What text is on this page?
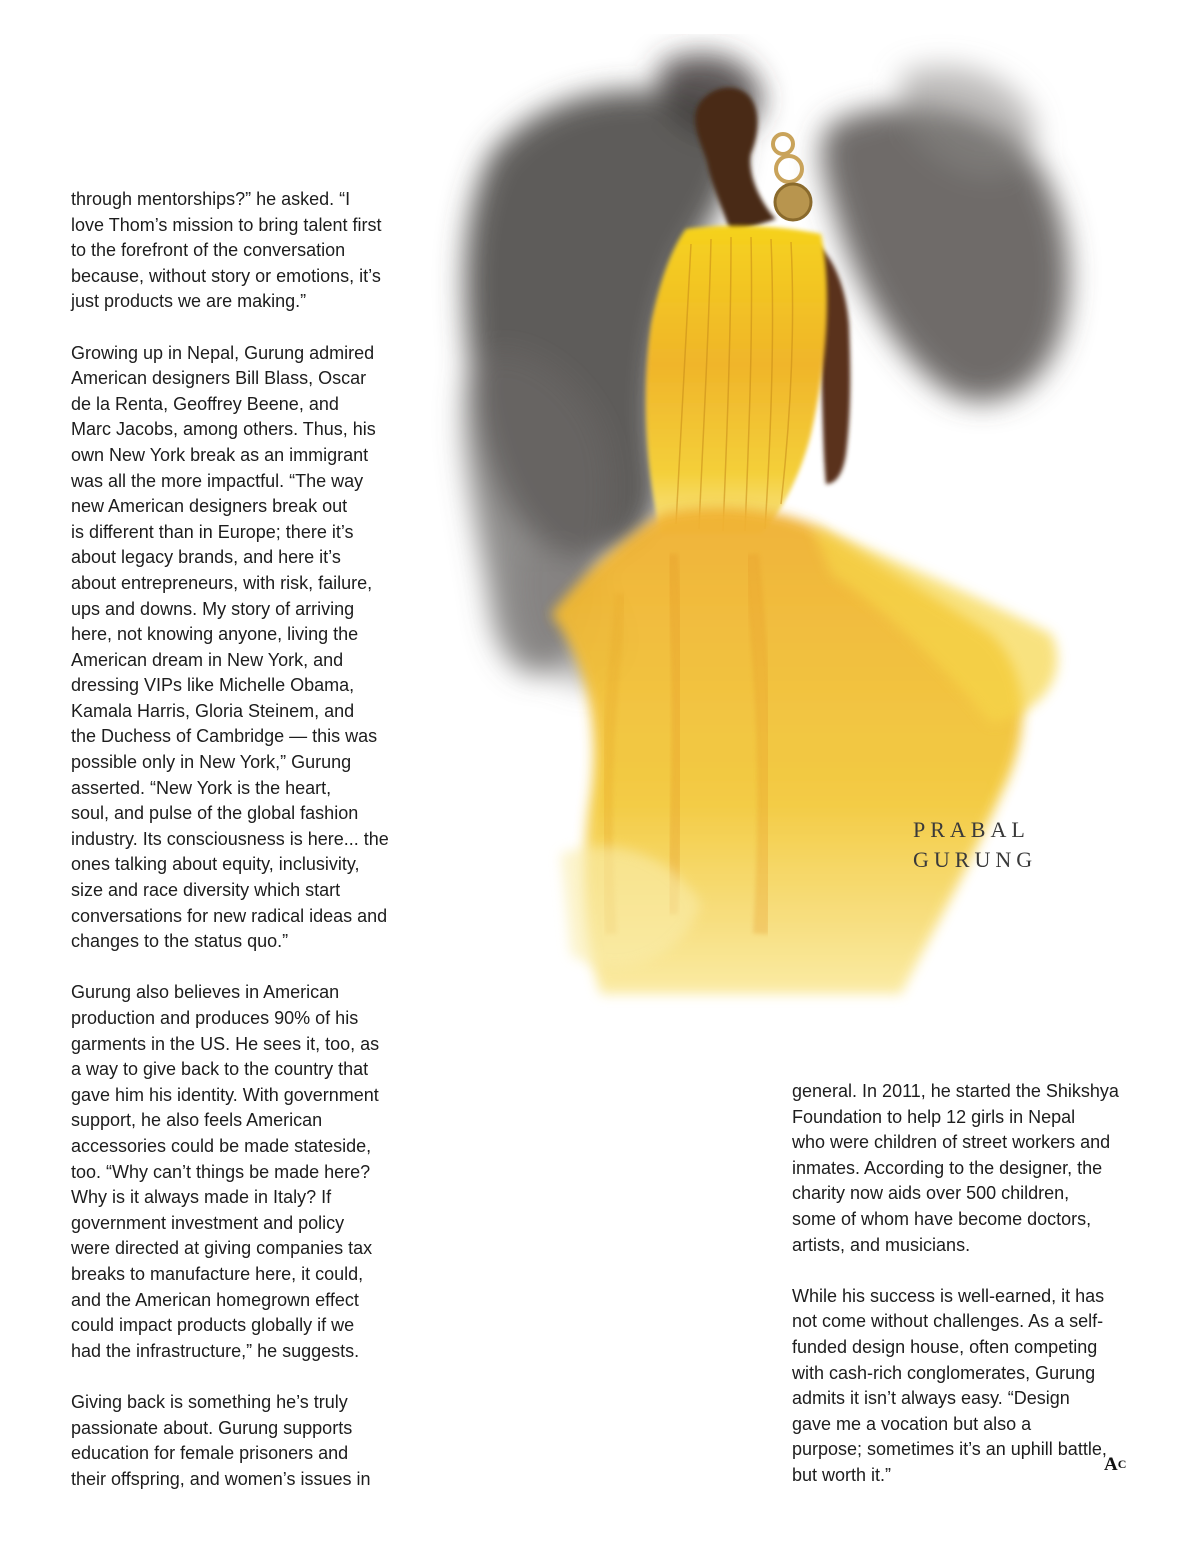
through mentorships?” he asked. “I
love Thom’s mission to bring talent first
to the forefront of the conversation
because, without story or emotions, it’s
just products we are making.”
Growing up in Nepal, Gurung admired
American designers Bill Blass, Oscar
de la Renta, Geoffrey Beene, and
Marc Jacobs, among others. Thus, his
own New York break as an immigrant
was all the more impactful. “The way
new American designers break out
is different than in Europe; there it’s
about legacy brands, and here it’s
about entrepreneurs, with risk, failure,
ups and downs. My story of arriving
here, not knowing anyone, living the
American dream in New York, and
dressing VIPs like Michelle Obama,
Kamala Harris, Gloria Steinem, and
the Duchess of Cambridge — this was
possible only in New York,” Gurung
asserted. “New York is the heart,
soul, and pulse of the global fashion
industry. Its consciousness is here... the
ones talking about equity, inclusivity,
size and race diversity which start
conversations for new radical ideas and
changes to the status quo.”
Gurung also believes in American
production and produces 90% of his
garments in the US. He sees it, too, as
a way to give back to the country that
gave him his identity. With government
support, he also feels American
accessories could be made stateside,
too. “Why can’t things be made here?
Why is it always made in Italy? If
government investment and policy
were directed at giving companies tax
breaks to manufacture here, it could,
and the American homegrown effect
could impact products globally if we
had the infrastructure,” he suggests.
Giving back is something he’s truly
passionate about. Gurung supports
education for female prisoners and
their offspring, and women’s issues in
PRABAL
GURUNG
general. In 2011, he started the Shikshya
Foundation to help 12 girls in Nepal
who were children of street workers and
inmates. According to the designer, the
charity now aids over 500 children,
some of whom have become doctors,
artists, and musicians.
While his success is well-earned, it has
not come without challenges. As a self-
funded design house, often competing
with cash-rich conglomerates, Gurung
admits it isn’t always easy. “Design
gave me a vocation but also a
purpose; sometimes it’s an uphill battle,
but worth it.”	$A^C$
